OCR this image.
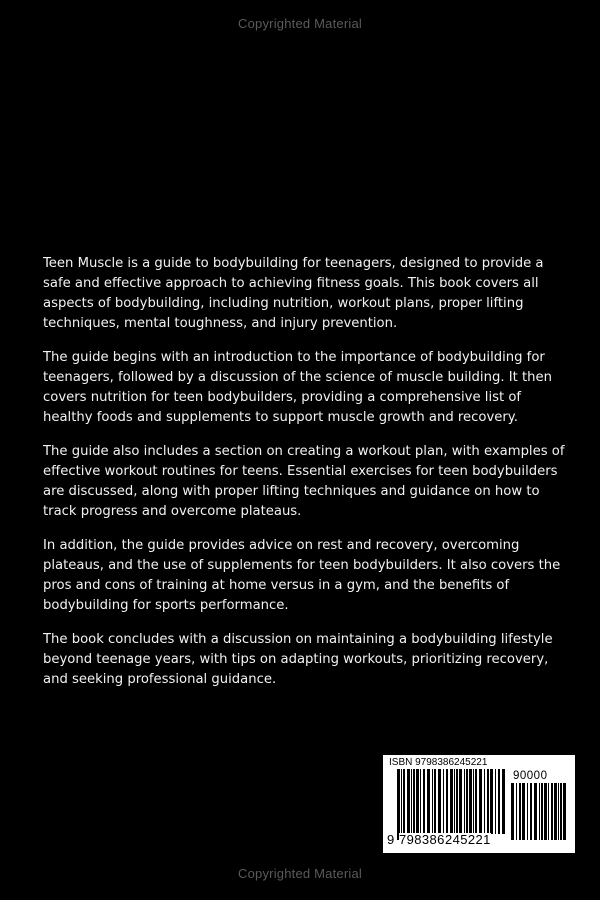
Copyrighted Material

Teen Muscle is a guide to bodybuilding for teenagers, designed to provide a safe and effective approach to achieving fitness goals. This book covers all aspects of bodybuilding, including nutrition, workout plans, proper lifting techniques, mental toughness, and injury prevention.

The guide begins with an introduction to the importance of bodybuilding for teenagers, followed by a discussion of the science of muscle building. It then covers nutrition for teen bodybuilders, providing a comprehensive list of healthy foods and supplements to support muscle growth and recovery.

The guide also includes a section on creating a workout plan, with examples of effective workout routines for teens. Essential exercises for teen bodybuilders are discussed, along with proper lifting techniques and guidance on how to track progress and overcome plateaus.

In addition, the guide provides advice on rest and recovery, overcoming plateaus, and the use of supplements for teen bodybuilders. It also covers the pros and cons of training at home versus in a gym, and the benefits of bodybuilding for sports performance.

The book concludes with a discussion on maintaining a bodybuilding lifestyle beyond teenage years, with tips on adapting workouts, prioritizing recovery, and seeking professional guidance.

ISBN 9798386245221
90000
9 798386 245221
Copyrighted Material
